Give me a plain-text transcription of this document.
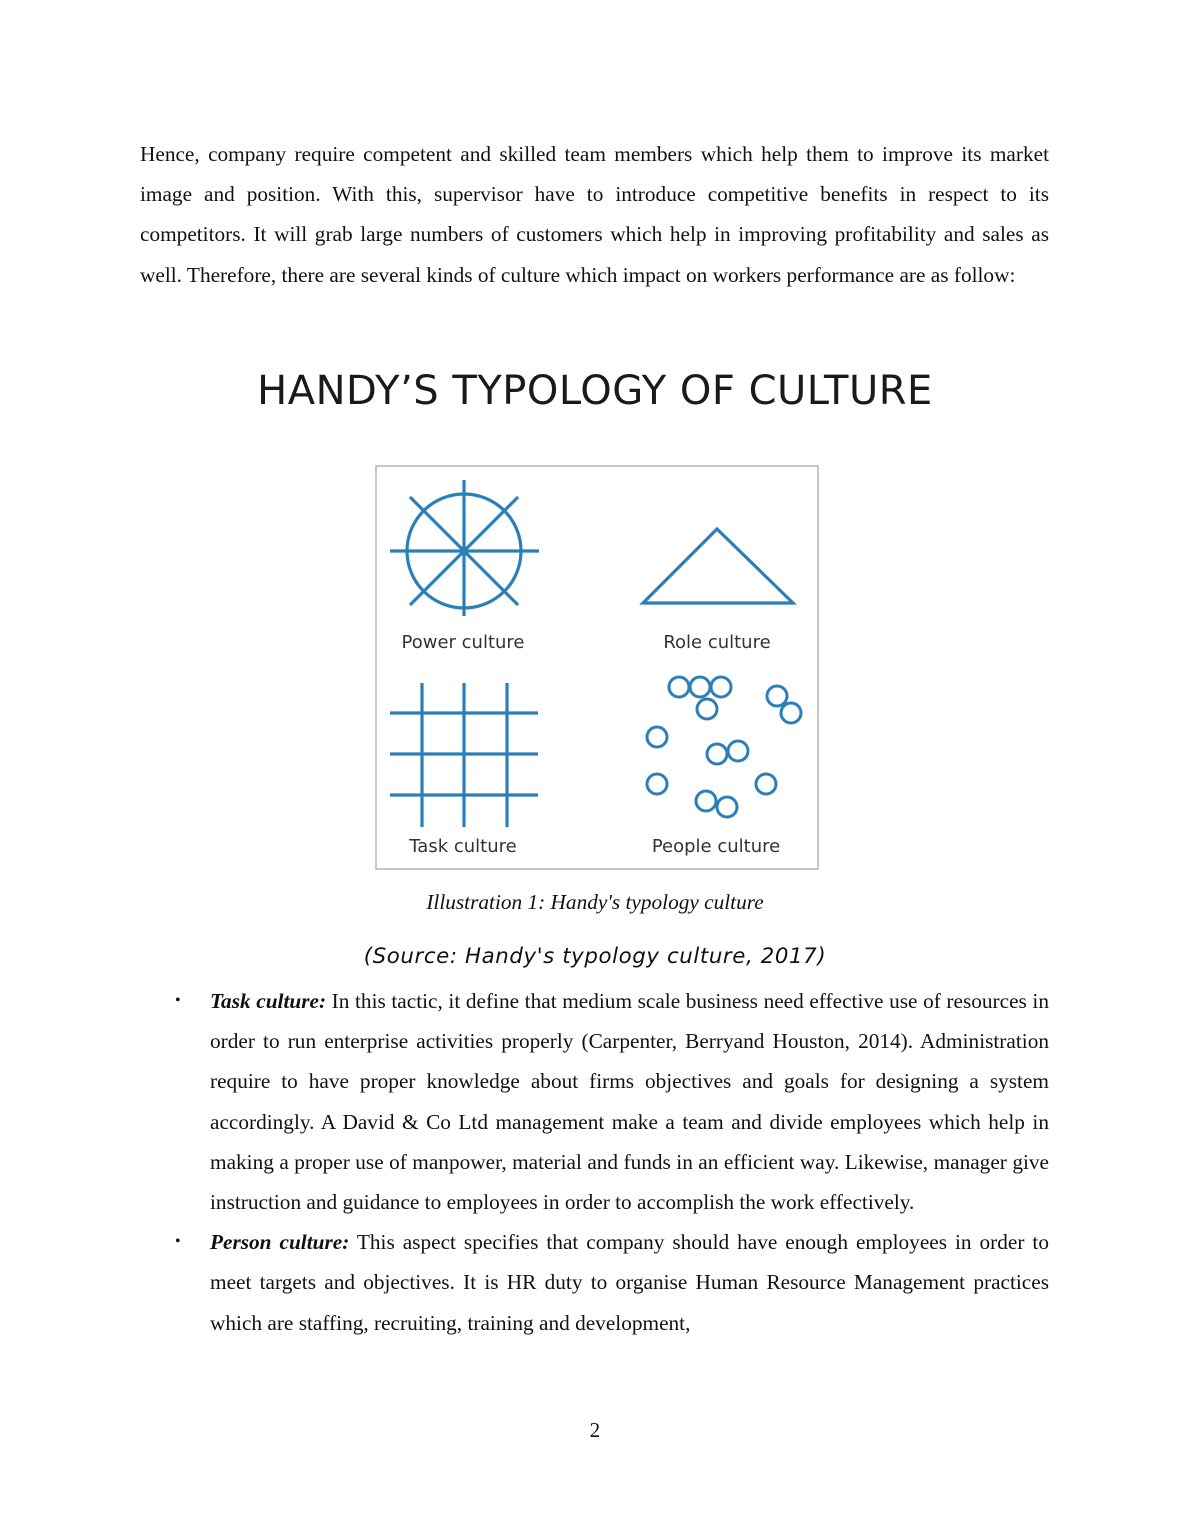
Hence, company require competent and skilled team members which help them to improve its market image and position. With this, supervisor have to introduce competitive benefits in respect to its competitors. It will grab large numbers of customers which help in improving profitability and sales as well. Therefore, there are several kinds of culture which impact on workers performance are as follow:

HANDY’S TYPOLOGY OF CULTURE

Power culture	Role culture
Task culture	People culture

Illustration 1: Handy's typology culture

(Source: Handy's typology culture, 2017)

• Task culture: In this tactic, it define that medium scale business need effective use of resources in order to run enterprise activities properly (Carpenter, Berryand Houston, 2014). Administration require to have proper knowledge about firms objectives and goals for designing a system accordingly. A David & Co Ltd management make a team and divide employees which help in making a proper use of manpower, material and funds in an efficient way. Likewise, manager give instruction and guidance to employees in order to accomplish the work effectively.
• Person culture: This aspect specifies that company should have enough employees in order to meet targets and objectives. It is HR duty to organise Human Resource Management practices which are staffing, recruiting, training and development,

2
